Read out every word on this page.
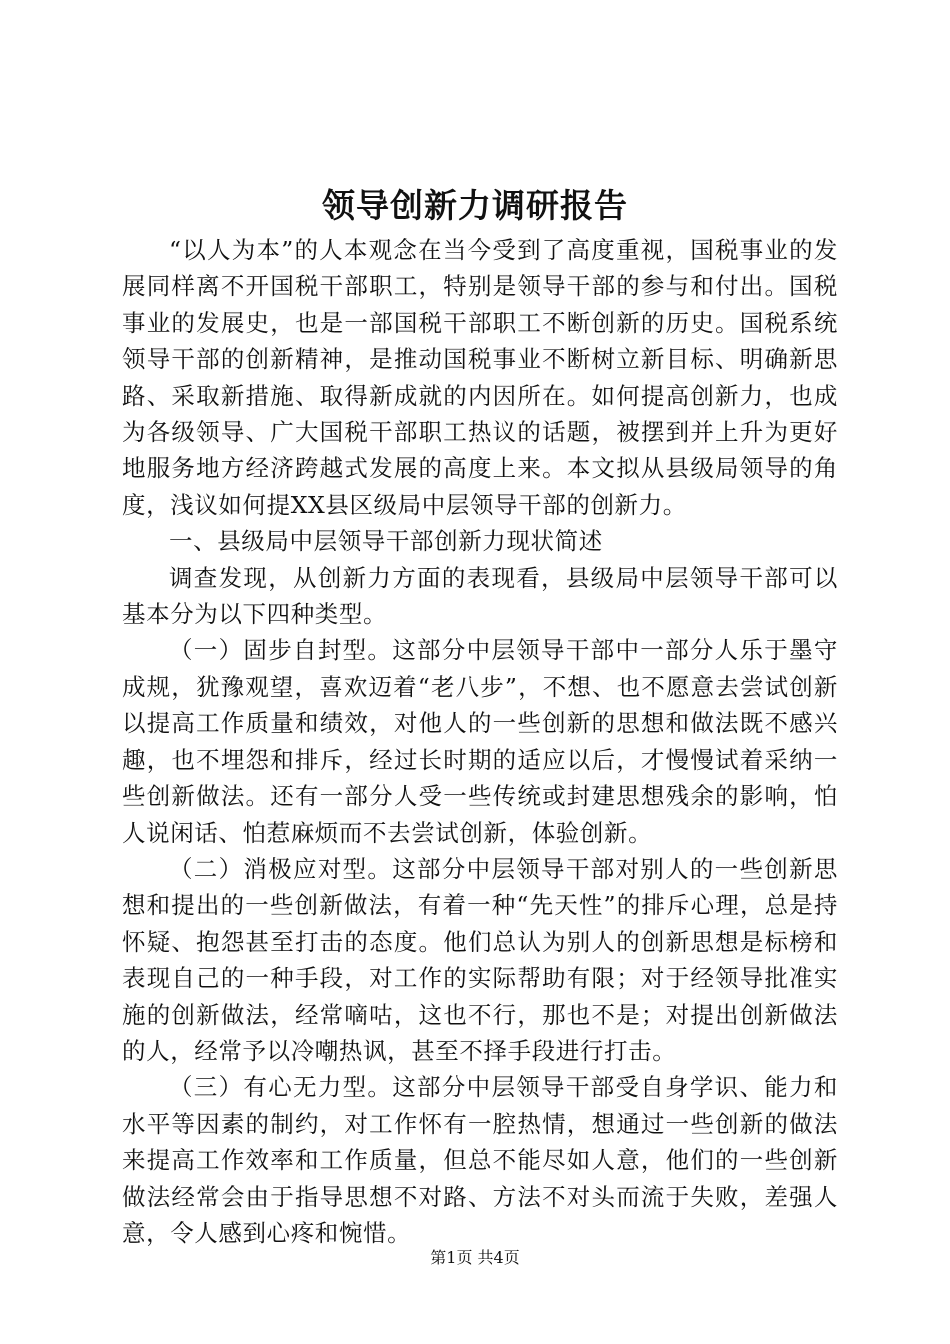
领导创新力调研报告

“以人为本”的人本观念在当今受到了高度重视，国税事业的发展同样离不开国税干部职工，特别是领导干部的参与和付出。国税事业的发展史，也是一部国税干部职工不断创新的历史。国税系统领导干部的创新精神，是推动国税事业不断树立新目标、明确新思路、采取新措施、取得新成就的内因所在。如何提高创新力，也成为各级领导、广大国税干部职工热议的话题，被摆到并上升为更好地服务地方经济跨越式发展的高度上来。本文拟从县级局领导的角度，浅议如何提XX县区级局中层领导干部的创新力。

一、县级局中层领导干部创新力现状简述

调查发现，从创新力方面的表现看，县级局中层领导干部可以基本分为以下四种类型。

（一）固步自封型。这部分中层领导干部中一部分人乐于墨守成规，犹豫观望，喜欢迈着“老八步”，不想、也不愿意去尝试创新以提高工作质量和绩效，对他人的一些创新的思想和做法既不感兴趣，也不埋怨和排斥，经过长时期的适应以后，才慢慢试着采纳一些创新做法。还有一部分人受一些传统或封建思想残余的影响，怕人说闲话、怕惹麻烦而不去尝试创新，体验创新。

（二）消极应对型。这部分中层领导干部对别人的一些创新思想和提出的一些创新做法，有着一种“先天性”的排斥心理，总是持怀疑、抱怨甚至打击的态度。他们总认为别人的创新思想是标榜和表现自己的一种手段，对工作的实际帮助有限；对于经领导批准实施的创新做法，经常嘀咕，这也不行，那也不是；对提出创新做法的人，经常予以冷嘲热讽，甚至不择手段进行打击。

（三）有心无力型。这部分中层领导干部受自身学识、能力和水平等因素的制约，对工作怀有一腔热情，想通过一些创新的做法来提高工作效率和工作质量，但总不能尽如人意，他们的一些创新做法经常会由于指导思想不对路、方法不对头而流于失败，差强人意，令人感到心疼和惋惜。

第1页 共4页
